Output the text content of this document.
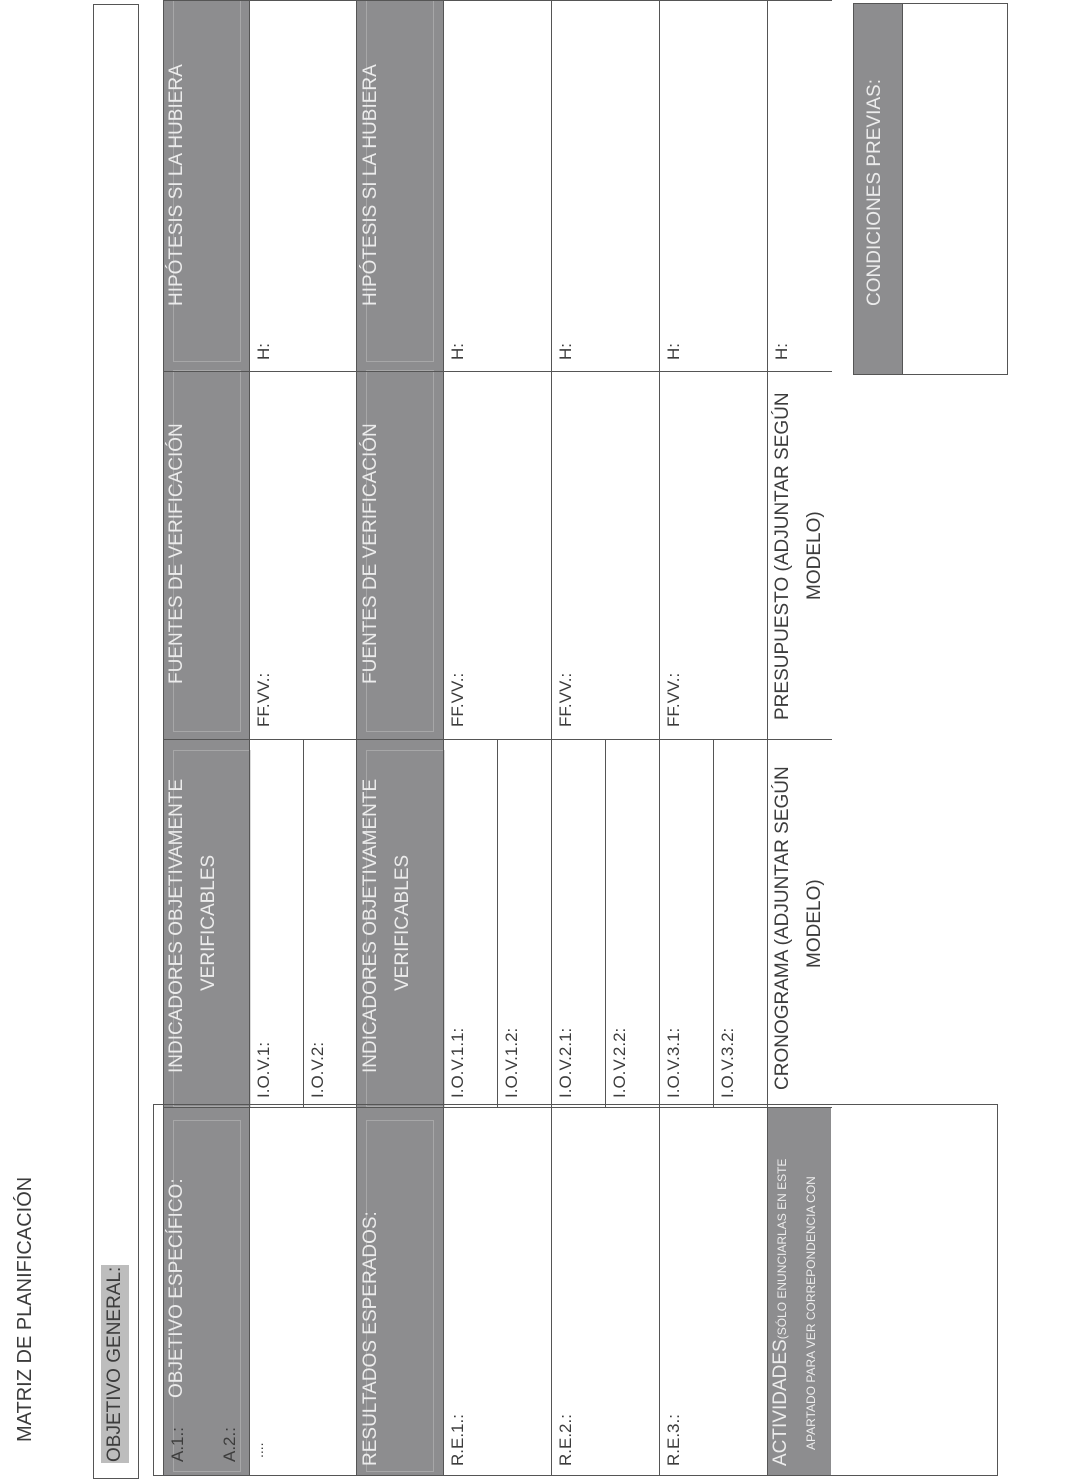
MATRIZ DE PLANIFICACIÓN	OBJETIVO GENERAL: OBJETIVO ESPECÍFICO:
INDICADORES OBJETIVAMENTE VERIFICABLES
FUENTES DE VERIFICACIÓN
HIPÓTESIS SI LA HUBIERA
I.O.V.1: I.O.V.2:
FF.VV.:
H:
RESULTADOS ESPERADOS:
INDICADORES OBJETIVAMENTE VERIFICABLES
FUENTES DE VERIFICACIÓN
HIPÓTESIS SI LA HUBIERA
R.E.1.:
I.O.V.1.1: I.O.V.1.2:
FF.VV.:
H:
R.E.2.:
I.O.V.2.1: I.O.V.2.2:
FF.VV.:
H:
R.E.3.:
I.O.V.3.1: I.O.V.3.2:
FF.VV.:
H:
ACTIVIDADES(SÓLO ENUNCIARLAS EN ESTE APARTADO PARA VER CORREPONDENCIA CON
CRONOGRAMA (ADJUNTAR SEGÚN MODELO)
PRESUPUESTO (ADJUNTAR SEGÚN MODELO)
H:
A.1.: A.2.: ....
CONDICIONES PREVIAS:
